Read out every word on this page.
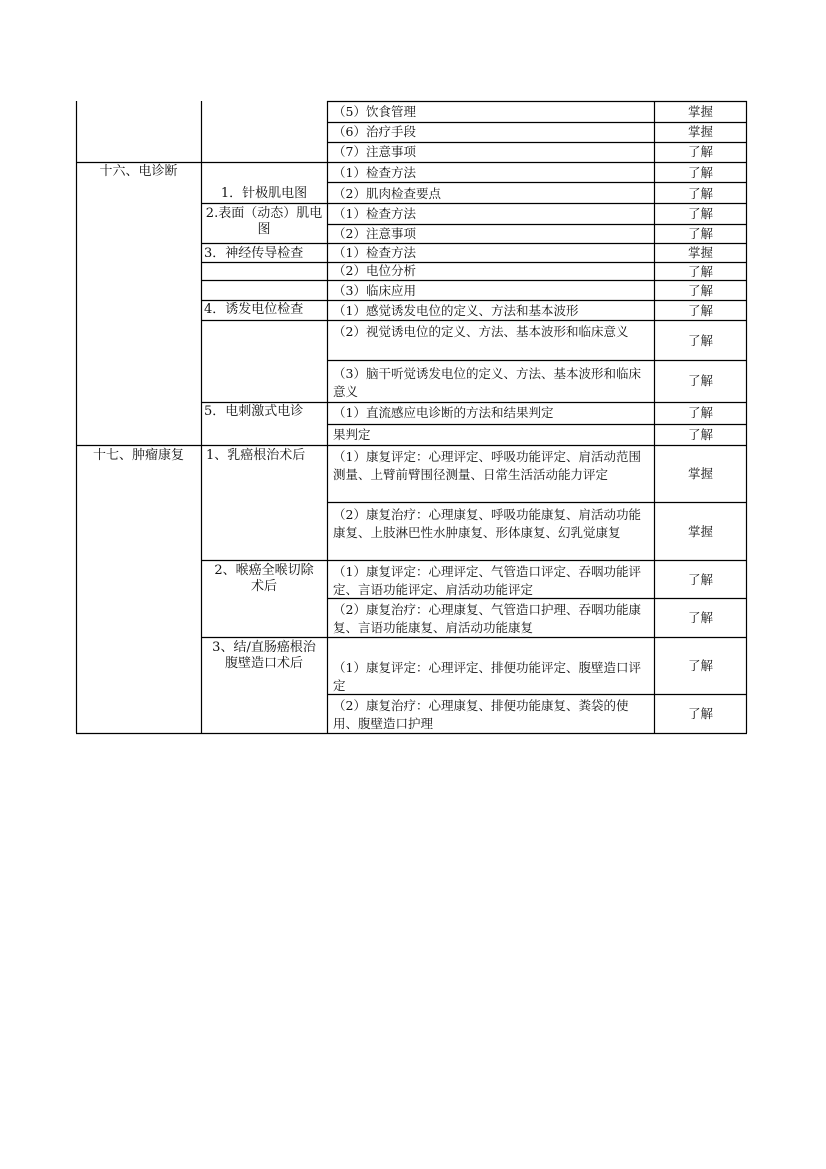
十六、电诊断
1．针极肌电图
2.表面（动态）肌电图
3．神经传导检查
4．诱发电位检查
5．电刺激式电诊
十七、肿瘤康复	1、乳癌根治术后
2、喉癌全喉切除术后
3、结/直肠癌根治腹壁造口术后
（5）饮食管理
（6）治疗手段
（7）注意事项
（1）检查方法
（2）肌肉检查要点
（1）检查方法
（2）注意事项
（1）检查方法
（2）电位分析
（3）临床应用
（1）感觉诱发电位的定义、方法和基本波形
（2）视觉诱电位的定义、方法、基本波形和临床意义
（3）脑干听觉诱发电位的定义、方法、基本波形和临床意义
（1）直流感应电诊断的方法和结果判定
果判定
（1）康复评定：心理评定、呼吸功能评定、肩活动范围测量、上臂前臂围径测量、日常生活活动能力评定
（2）康复治疗：心理康复、呼吸功能康复、肩活动功能康复、上肢淋巴性水肿康复、形体康复、幻乳觉康复
（1）康复评定：心理评定、气管造口评定、吞咽功能评定、言语功能评定、肩活动功能评定
（2）康复治疗：心理康复、气管造口护理、吞咽功能康复、言语功能康复、肩活动功能康复
（1）康复评定：心理评定、排便功能评定、腹壁造口评定
（2）康复治疗：心理康复、排便功能康复、粪袋的使用、腹壁造口护理
掌握
掌握
了解
了解
了解
了解
了解
掌握
了解
了解
了解
了解
了解
了解
了解
掌握
掌握
了解
了解
了解
了解
